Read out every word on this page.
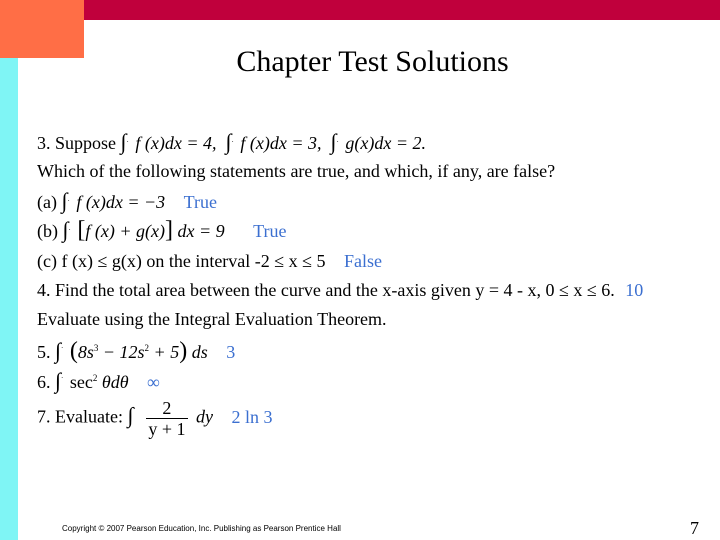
Chapter Test Solutions
3. Suppose ∫· f (x)dx = 4, ∫· f (x)dx = 3, ∫· g(x)dx = 2.
Which of the following statements are true, and which, if any, are false?
(a) ∫· f (x)dx = −3 True
(b) ∫· [f (x) + g(x)] dx = 9 True
(c) f (x) ≤ g(x) on the interval -2 ≤ x ≤ 5 False
4. Find the total area between the curve and the x-axis given y = 4 - x, 0 ≤ x ≤ 6. 10
Evaluate using the Integral Evaluation Theorem.
5. ∫· $(8s^3 - 12s^2 + 5)$ ds 3
6. ∫· $\sec^2 \theta d\theta$ ∞
7. Evaluate: $\int^\cdot \frac{2}{y + 1}$ dy 2 ln 3
Copyright © 2007 Pearson Education, Inc. Publishing as Pearson Prentice Hall	7
